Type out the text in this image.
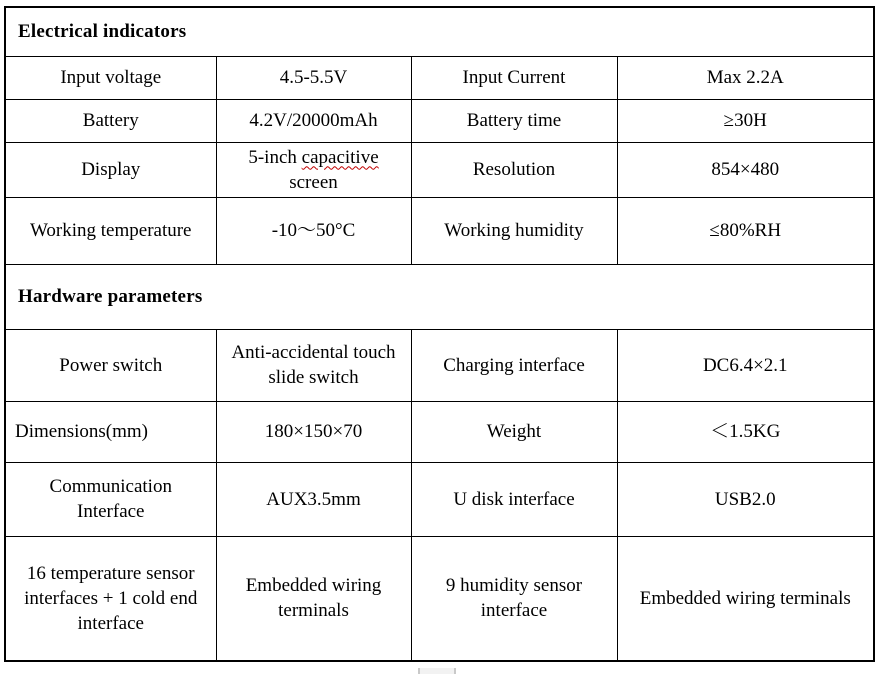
Electrical indicators			
Input voltage	4.5-5.5V	Input Current	Max 2.2A
Battery	4.2V/20000mAh	Battery time	≥30H
Display	5-inch capacitive screen	Resolution	854×480
Working temperature	-10～50°C	Working humidity	≤80%RH
Hardware parameters			
Power switch	Anti-accidental touch slide switch	Charging interface	DC6.4×2.1
Dimensions(mm)	180×150×70	Weight	＜1.5KG
Communication Interface	AUX3.5mm	U disk interface	USB2.0
16 temperature sensor interfaces + 1 cold end interface	Embedded wiring terminals	9 humidity sensor interface	Embedded wiring terminals
